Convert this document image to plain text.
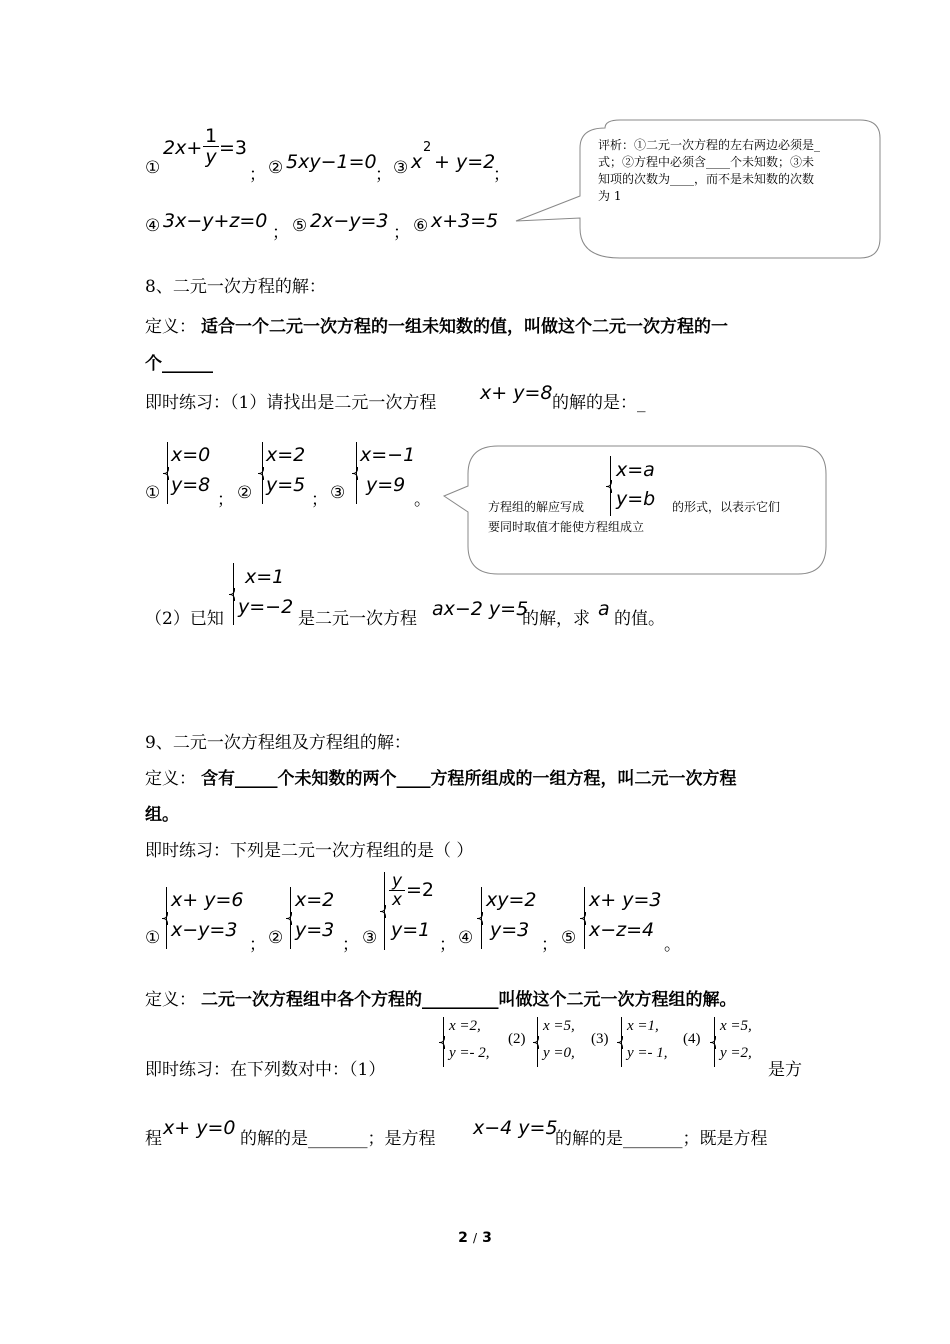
①
2x+
1
y =3
； ② 5xy−1=0
； ③ x
2
+ y=2
；
④ 3x−y+z=0
； ⑤ 2x−y=3
； ⑥ x+3=5
评析：①二元一次方程的左右两边必须是_
式；②方程中必须含____个未知数；③未
知项的次数为____，而不是未知数的次数
为 1
8、二元一次方程的解：
定义： 适合一个二元一次方程的一组未知数的值，叫做这个二元一次方程的一
个______
即时练习：（1）请找出是二元一次方程 x+ y=8 的解的是：_
①
x=0
y=8
； ②
x=2
y=5
； ③
x=−1
y=9
。	方程组的解应写成
x=a
y=b 的形式，以表示它们
要同时取值才能使方程组成立
（2）已知
x=1
y=−2
是二元一次方程 ax−2 y=5
的解，求 a 的值。
9、二元一次方程组及方程组的解：
定义： 含有_____个未知数的两个____方程所组成的一组方程，叫二元一次方程
组。
即时练习：下列是二元一次方程组的是（ ）
①
x+ y=6
x−y=3
； ②
x=2
y=3
； ③
y
x =2
y=1
； ④
xy=2
y=3
； ⑤
x+ y=3
x−z=4
。
定义： 二元一次方程组中各个方程的_________叫做这个二元一次方程组的解。
即时练习：在下列数对中：（1）
x =2,
y =- 2,
(2)
x =5,
y =0,
(3)
x =1,
y =- 1,
(4)
x =5,
y =2,
是方
程 x+ y=0 的解的是_______；是方程 x−4 y=5
的解的是_______；既是方程
2 / 3
